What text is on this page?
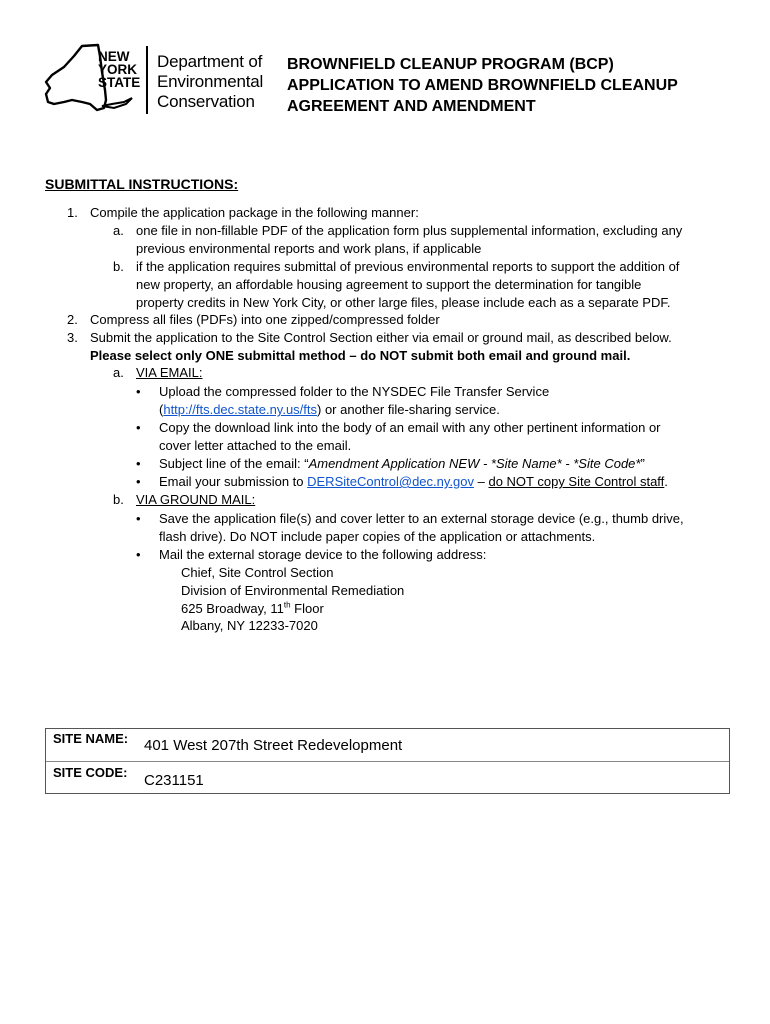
NEW
YORK
STATE
Department of
Environmental
Conservation
BROWNFIELD CLEANUP PROGRAM (BCP)
APPLICATION TO AMEND BROWNFIELD CLEANUP
AGREEMENT AND AMENDMENT
SUBMITTAL INSTRUCTIONS:
1. Compile the application package in the following manner:
a. one file in non-fillable PDF of the application form plus supplemental information, excluding any
previous environmental reports and work plans, if applicable
b. if the application requires submittal of previous environmental reports to support the addition of
new property, an affordable housing agreement to support the determination for tangible
property credits in New York City, or other large files, please include each as a separate PDF.
2. Compress all files (PDFs) into one zipped/compressed folder
3. Submit the application to the Site Control Section either via email or ground mail, as described below.
Please select only ONE submittal method – do NOT submit both email and ground mail.
a. VIA EMAIL:
• Upload the compressed folder to the NYSDEC File Transfer Service
(http://fts.dec.state.ny.us/fts) or another file-sharing service.
• Copy the download link into the body of an email with any other pertinent information or
cover letter attached to the email.
• Subject line of the email: “Amendment Application NEW - *Site Name* - *Site Code*”
• Email your submission to DERSiteControl@dec.ny.gov – do NOT copy Site Control staff.
b. VIA GROUND MAIL:
• Save the application file(s) and cover letter to an external storage device (e.g., thumb drive,
flash drive). Do NOT include paper copies of the application or attachments.
• Mail the external storage device to the following address:
Chief, Site Control Section
Division of Environmental Remediation
625 Broadway, 11th Floor
Albany, NY 12233-7020
SITE NAME: 401 West 207th Street Redevelopment
SITE CODE: C231151
